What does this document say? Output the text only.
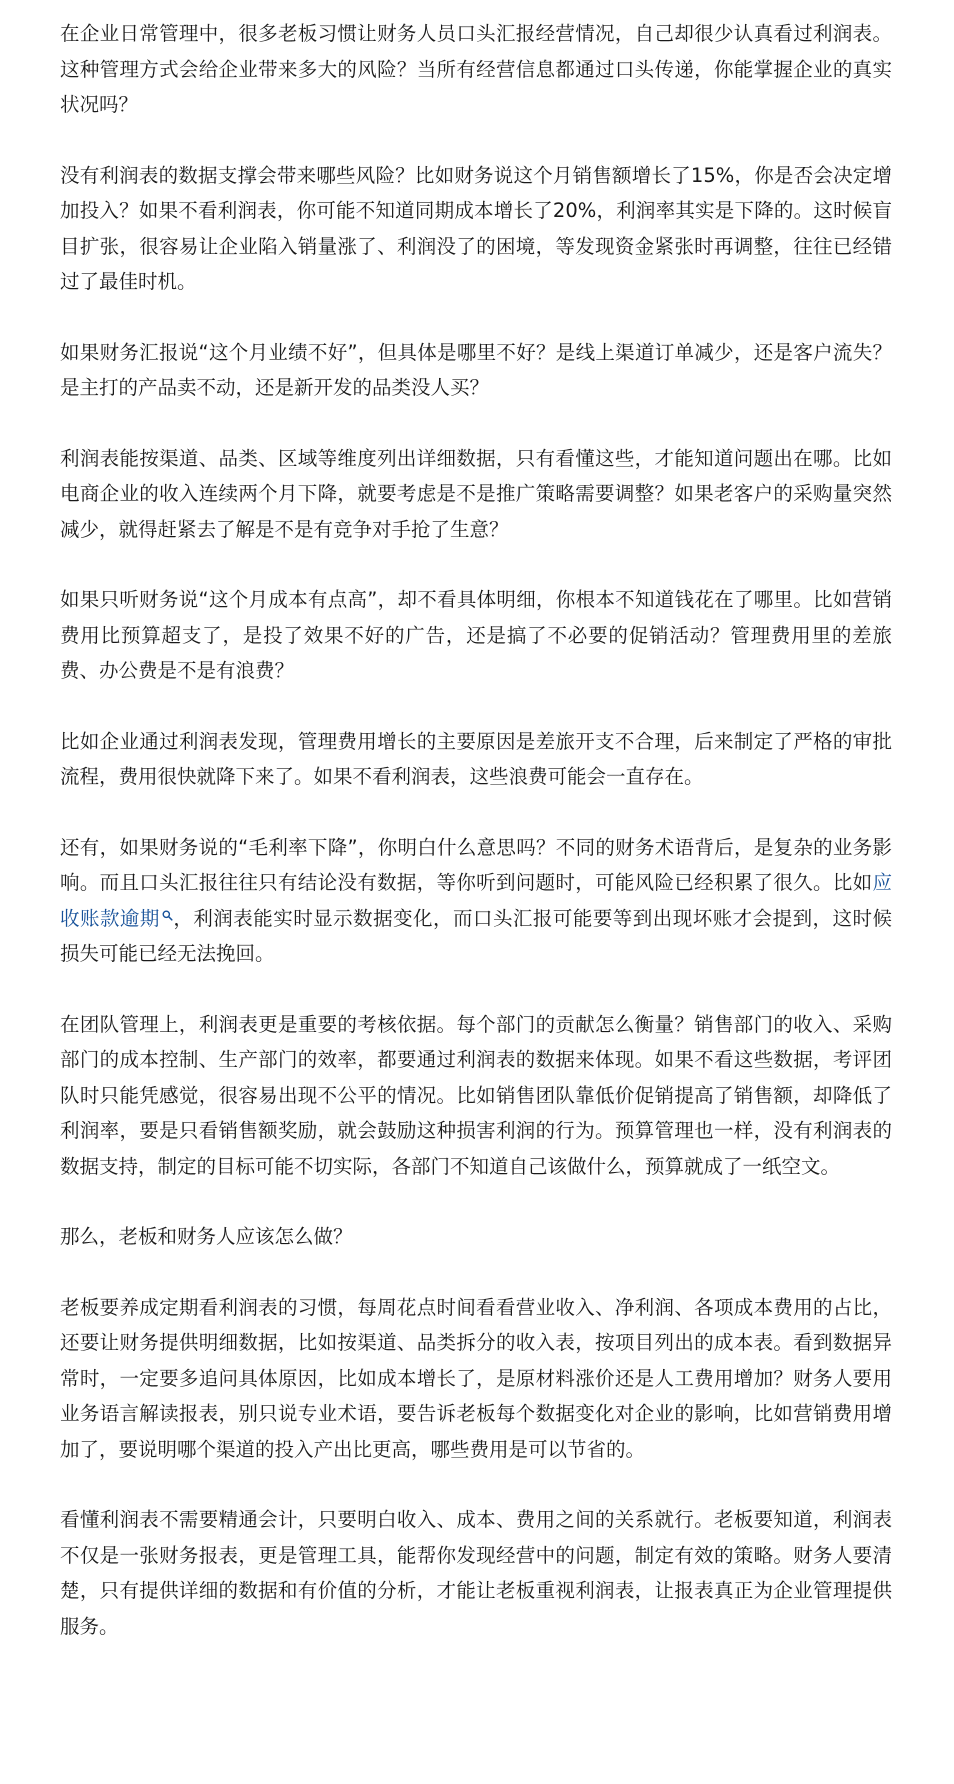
在企业日常管理中，很多老板习惯让财务人员口头汇报经营情况，自己却很少认真看过利润表。这种管理方式会给企业带来多大的风险？当所有经营信息都通过口头传递，你能掌握企业的真实状况吗？

没有利润表的数据支撑会带来哪些风险？比如财务说这个月销售额增长了15%，你是否会决定增加投入？如果不看利润表，你可能不知道同期成本增长了20%，利润率其实是下降的。这时候盲目扩张，很容易让企业陷入销量涨了、利润没了的困境，等发现资金紧张时再调整，往往已经错过了最佳时机。

如果财务汇报说“这个月业绩不好”，但具体是哪里不好？是线上渠道订单减少，还是客户流失？是主打的产品卖不动，还是新开发的品类没人买？

利润表能按渠道、品类、区域等维度列出详细数据，只有看懂这些，才能知道问题出在哪。比如电商企业的收入连续两个月下降，就要考虑是不是推广策略需要调整？如果老客户的采购量突然减少，就得赶紧去了解是不是有竞争对手抢了生意？

如果只听财务说“这个月成本有点高”，却不看具体明细，你根本不知道钱花在了哪里。比如营销费用比预算超支了，是投了效果不好的广告，还是搞了不必要的促销活动？管理费用里的差旅费、办公费是不是有浪费？

比如企业通过利润表发现，管理费用增长的主要原因是差旅开支不合理，后来制定了严格的审批流程，费用很快就降下来了。如果不看利润表，这些浪费可能会一直存在。

还有，如果财务说的“毛利率下降”，你明白什么意思吗？不同的财务术语背后，是复杂的业务影响。而且口头汇报往往只有结论没有数据，等你听到问题时，可能风险已经积累了很久。比如应收账款逾期 ，利润表能实时显示数据变化，而口头汇报可能要等到出现坏账才会提到，这时候损失可能已经无法挽回。

在团队管理上，利润表更是重要的考核依据。每个部门的贡献怎么衡量？销售部门的收入、采购部门的成本控制、生产部门的效率，都要通过利润表的数据来体现。如果不看这些数据，考评团队时只能凭感觉，很容易出现不公平的情况。比如销售团队靠低价促销提高了销售额，却降低了利润率，要是只看销售额奖励，就会鼓励这种损害利润的行为。预算管理也一样，没有利润表的数据支持，制定的目标可能不切实际，各部门不知道自己该做什么，预算就成了一纸空文。

那么，老板和财务人应该怎么做？

老板要养成定期看利润表的习惯，每周花点时间看看营业收入、净利润、各项成本费用的占比，还要让财务提供明细数据，比如按渠道、品类拆分的收入表，按项目列出的成本表。看到数据异常时，一定要多追问具体原因，比如成本增长了，是原材料涨价还是人工费用增加？财务人要用业务语言解读报表，别只说专业术语，要告诉老板每个数据变化对企业的影响，比如营销费用增加了，要说明哪个渠道的投入产出比更高，哪些费用是可以节省的。

看懂利润表不需要精通会计，只要明白收入、成本、费用之间的关系就行。老板要知道，利润表不仅是一张财务报表，更是管理工具，能帮你发现经营中的问题，制定有效的策略。财务人要清楚，只有提供详细的数据和有价值的分析，才能让老板重视利润表，让报表真正为企业管理提供服务。
